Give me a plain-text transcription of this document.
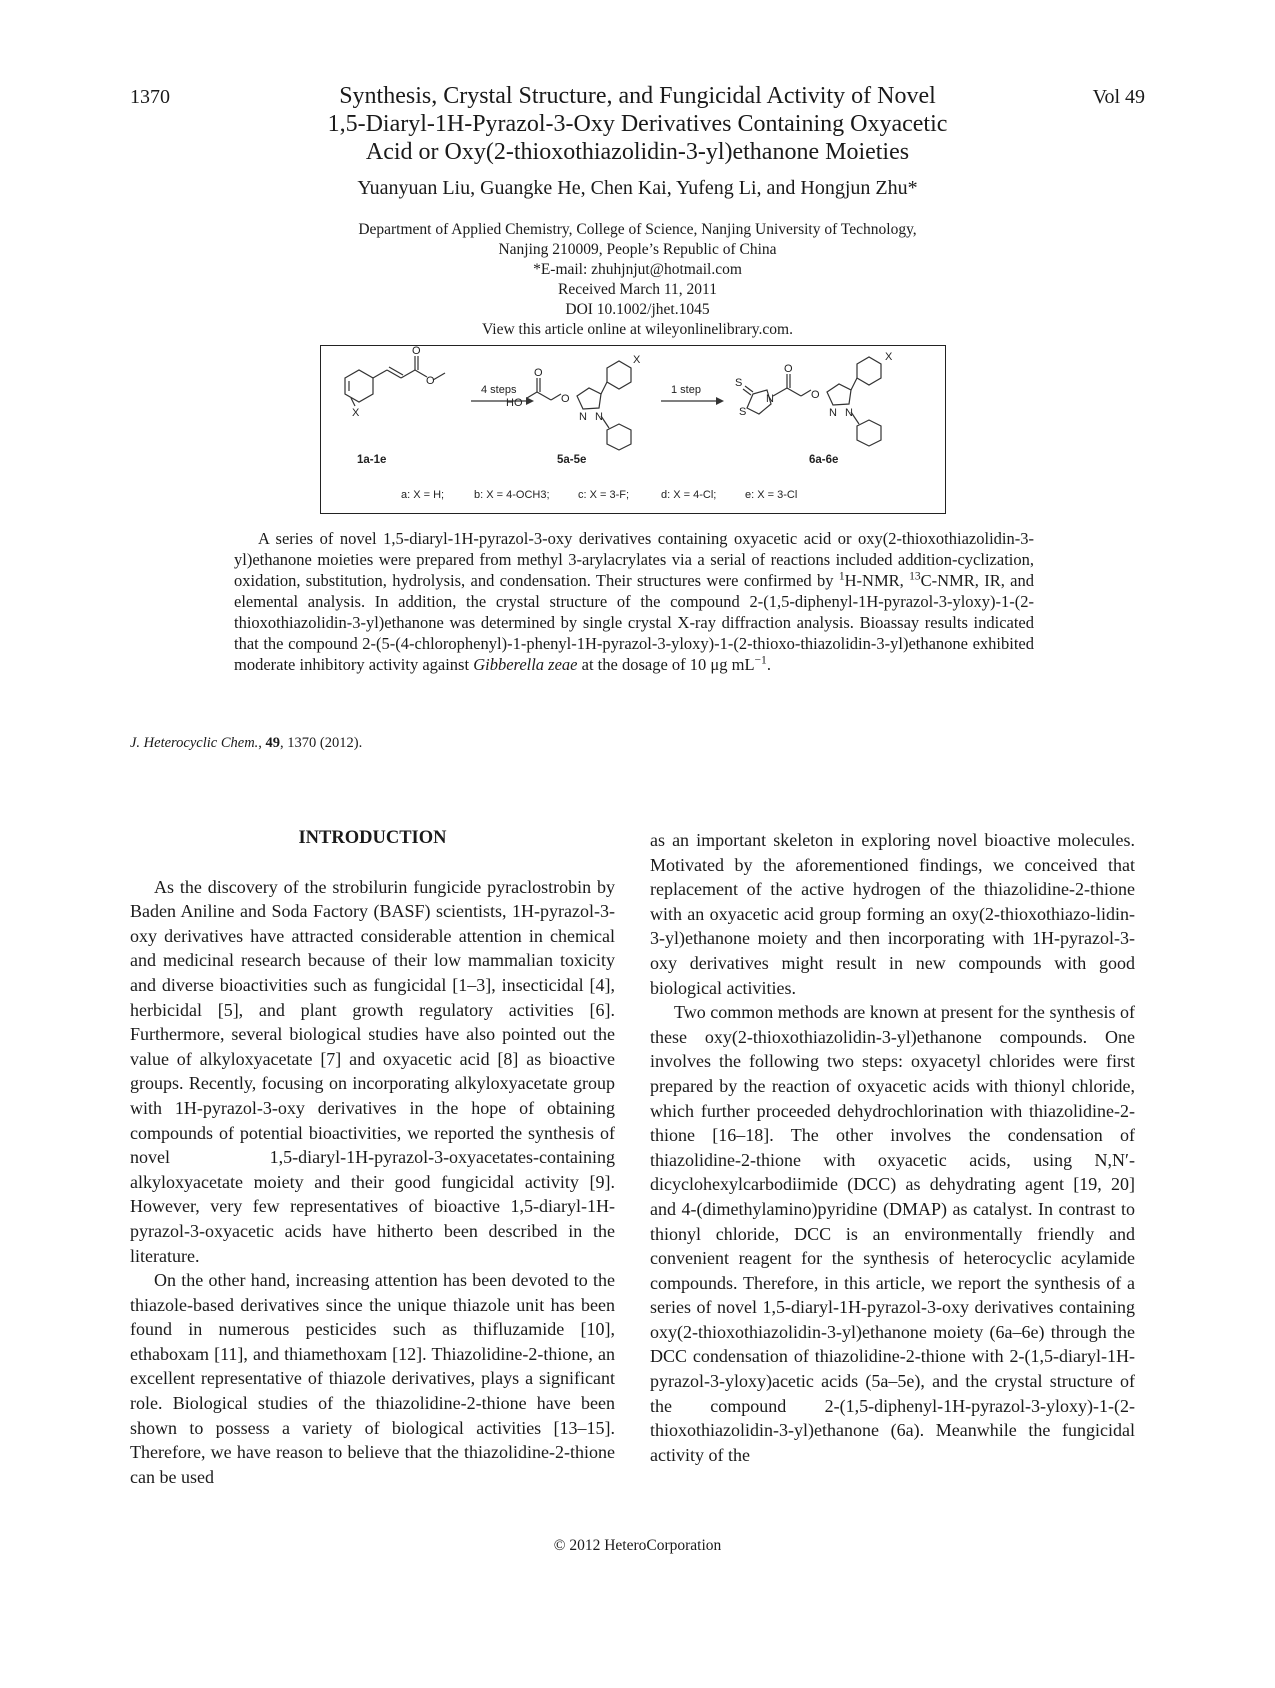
1370	Vol 49
Synthesis, Crystal Structure, and Fungicidal Activity of Novel
1,5-Diaryl-1H-Pyrazol-3-Oxy Derivatives Containing Oxyacetic
Acid or Oxy(2-thioxothiazolidin-3-yl)ethanone Moieties
Yuanyuan Liu, Guangke He, Chen Kai, Yufeng Li, and Hongjun Zhu*
Department of Applied Chemistry, College of Science, Nanjing University of Technology,
Nanjing 210009, People’s Republic of China
*E-mail: zhuhjnjut@hotmail.com
Received March 11, 2011
DOI 10.1002/jhet.1045
View this article online at wileyonlinelibrary.com.
O
O
X
4 steps
HO
O
O
N N
X
1 step
S
N
S
O
O
N N
X
1a-1e	5a-5e	6a-6e
a: X = H;	b: X = 4-OCH3;	c: X = 3-F;	d: X = 4-Cl;	e: X = 3-Cl
A series of novel 1,5-diaryl-1H-pyrazol-3-oxy derivatives containing oxyacetic acid or oxy(2-thioxothiazolidin-3-yl)ethanone moieties were prepared from methyl 3-arylacrylates via a serial of reactions included addition-cyclization, oxidation, substitution, hydrolysis, and condensation. Their structures were confirmed by $^1$H-NMR, $^{13}$C-NMR, IR, and elemental analysis. In addition, the crystal structure of the compound 2-(1,5-diphenyl-1H-pyrazol-3-yloxy)-1-(2-thioxothiazolidin-3-yl)ethanone was determined by single crystal X-ray diffraction analysis. Bioassay results indicated that the compound 2-(5-(4-chlorophenyl)-1-phenyl-1H-pyrazol-3-yloxy)-1-(2-thioxo-thiazolidin-3-yl)ethanone exhibited moderate inhibitory activity against Gibberella zeae at the dosage of 10 μg $mL^{-1}$.
J. Heterocyclic Chem., 49, 1370 (2012).
INTRODUCTION

As the discovery of the strobilurin fungicide pyraclostrobin by Baden Aniline and Soda Factory (BASF) scientists, 1H-pyrazol-3-oxy derivatives have attracted considerable attention in chemical and medicinal research because of their low mammalian toxicity and diverse bioactivities such as fungicidal [1–3], insecticidal [4], herbicidal [5], and plant growth regulatory activities [6]. Furthermore, several biological studies have also pointed out the value of alkyloxyacetate [7] and oxyacetic acid [8] as bioactive groups. Recently, focusing on incorporating alkyloxyacetate group with 1H-pyrazol-3-oxy derivatives in the hope of obtaining compounds of potential bioactivities, we reported the synthesis of novel 1,5-diaryl-1H-pyrazol-3-oxyacetates-containing alkyloxyacetate moiety and their good fungicidal activity [9]. However, very few representatives of bioactive 1,5-diaryl-1H-pyrazol-3-oxyacetic acids have hitherto been described in the literature.

On the other hand, increasing attention has been devoted to the thiazole-based derivatives since the unique thiazole unit has been found in numerous pesticides such as thifluzamide [10], ethaboxam [11], and thiamethoxam [12]. Thiazolidine-2-thione, an excellent representative of thiazole derivatives, plays a significant role. Biological studies of the thiazolidine-2-thione have been shown to possess a variety of biological activities [13–15]. Therefore, we have reason to believe that the thiazolidine-2-thione can be used

as an important skeleton in exploring novel bioactive molecules. Motivated by the aforementioned findings, we conceived that replacement of the active hydrogen of the thiazolidine-2-thione with an oxyacetic acid group forming an oxy(2-thioxothiazo-lidin-3-yl)ethanone moiety and then incorporating with 1H-pyrazol-3-oxy derivatives might result in new compounds with good biological activities.

Two common methods are known at present for the synthesis of these oxy(2-thioxothiazolidin-3-yl)ethanone compounds. One involves the following two steps: oxyacetyl chlorides were first prepared by the reaction of oxyacetic acids with thionyl chloride, which further proceeded dehydrochlorination with thiazolidine-2-thione [16–18]. The other involves the condensation of thiazolidine-2-thione with oxyacetic acids, using N,N′-dicyclohexylcarbodiimide (DCC) as dehydrating agent [19, 20] and 4-(dimethylamino)pyridine (DMAP) as catalyst. In contrast to thionyl chloride, DCC is an environmentally friendly and convenient reagent for the synthesis of heterocyclic acylamide compounds. Therefore, in this article, we report the synthesis of a series of novel 1,5-diaryl-1H-pyrazol-3-oxy derivatives containing oxy(2-thioxothiazolidin-3-yl)ethanone moiety (6a–6e) through the DCC condensation of thiazolidine-2-thione with 2-(1,5-diaryl-1H-pyrazol-3-yloxy)acetic acids (5a–5e), and the crystal structure of the compound 2-(1,5-diphenyl-1H-pyrazol-3-yloxy)-1-(2-thioxothiazolidin-3-yl)ethanone (6a). Meanwhile the fungicidal activity of the

© 2012 HeteroCorporation
